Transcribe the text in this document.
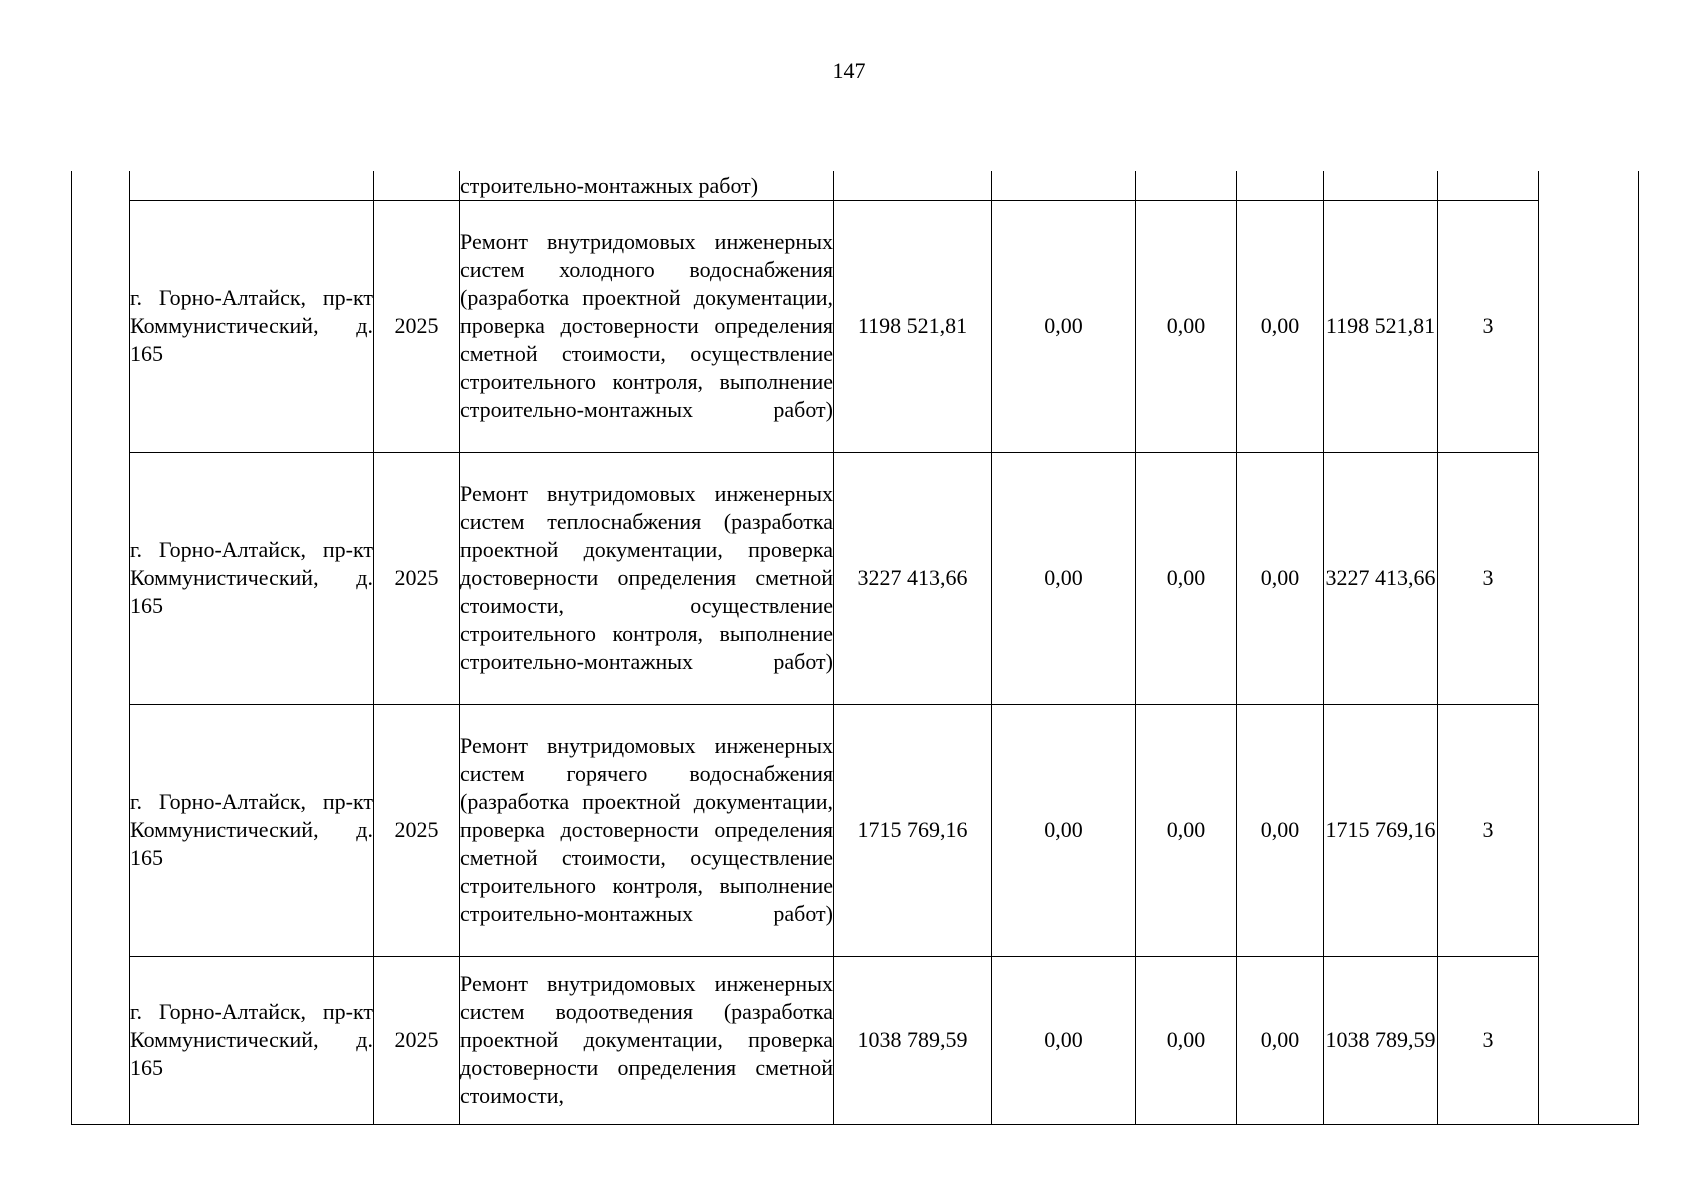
147

			строительно-монтажных работ)							

	г. Горно-Алтайск, пр-кт Коммунистический, д. 165	2025	Ремонт внутридомовых инженерных систем холодного водоснабжения (разработка проектной документации, проверка достоверности определения сметной стоимости, осуществление строительного контроля, выполнение строительно-монтажных работ)	1198 521,81	0,00	0,00	0,00	1198 521,81	3	
	г. Горно-Алтайск, пр-кт Коммунистический, д. 165	2025	Ремонт внутридомовых инженерных систем теплоснабжения (разработка проектной документации, проверка достоверности определения сметной стоимости, осуществление строительного контроля, выполнение строительно-монтажных работ)	3227 413,66	0,00	0,00	0,00	3227 413,66	3	
	г. Горно-Алтайск, пр-кт Коммунистический, д. 165	2025	Ремонт внутридомовых инженерных систем горячего водоснабжения (разработка проектной документации, проверка достоверности определения сметной стоимости, осуществление строительного контроля, выполнение строительно-монтажных работ)	1715 769,16	0,00	0,00	0,00	1715 769,16	3	
	г. Горно-Алтайск, пр-кт Коммунистический, д. 165	2025	Ремонт внутридомовых инженерных систем водоотведения (разработка проектной документации, проверка достоверности определения сметной стоимости,	1038 789,59	0,00	0,00	0,00	1038 789,59	3	
